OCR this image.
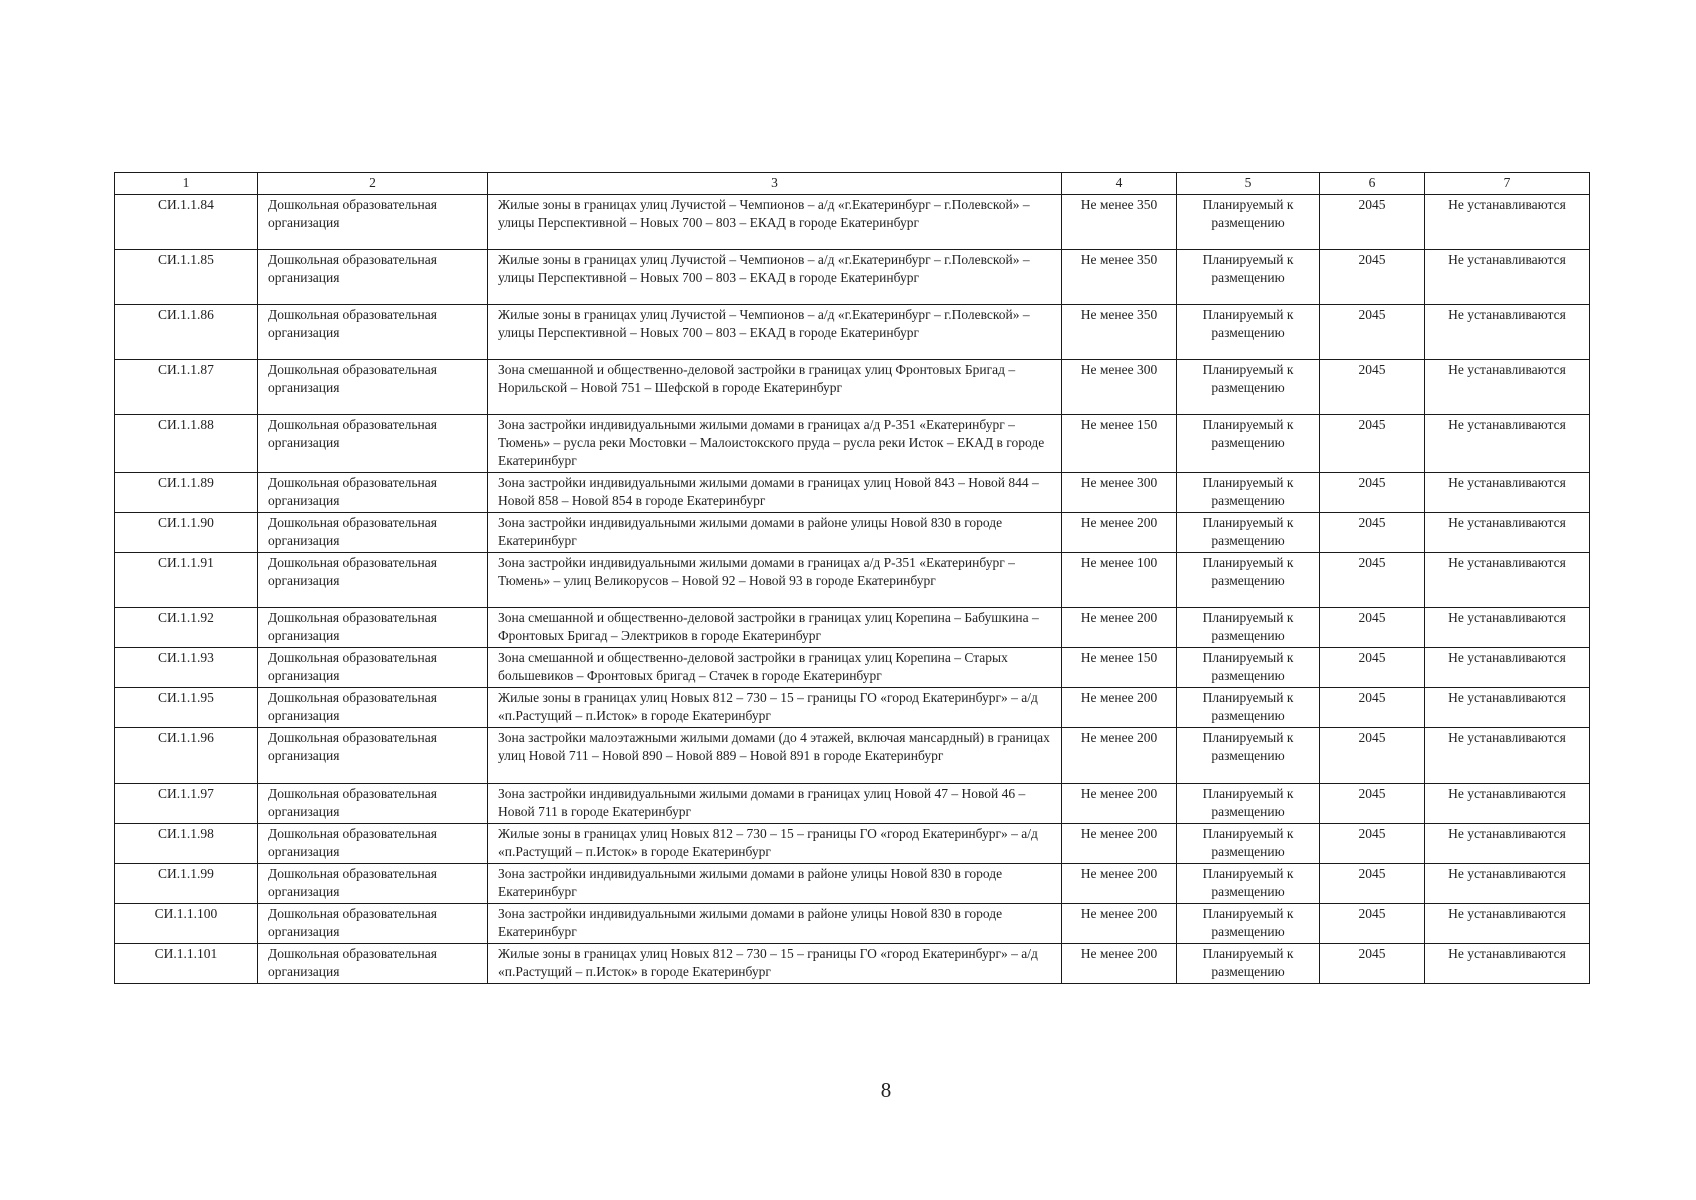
1	2	3	4	5	6	7
СИ.1.1.84	Дошкольная образовательная организация	Жилые зоны в границах улиц Лучистой – Чемпионов – а/д «г.Екатеринбург – г.Полевской» – улицы Перспективной – Новых 700 – 803 – ЕКАД в городе Екатеринбург	Не менее 350	Планируемый к размещению	2045	Не устанавливаются
СИ.1.1.85	Дошкольная образовательная организация	Жилые зоны в границах улиц Лучистой – Чемпионов – а/д «г.Екатеринбург – г.Полевской» – улицы Перспективной – Новых 700 – 803 – ЕКАД в городе Екатеринбург	Не менее 350	Планируемый к размещению	2045	Не устанавливаются
СИ.1.1.86	Дошкольная образовательная организация	Жилые зоны в границах улиц Лучистой – Чемпионов – а/д «г.Екатеринбург – г.Полевской» – улицы Перспективной – Новых 700 – 803 – ЕКАД в городе Екатеринбург	Не менее 350	Планируемый к размещению	2045	Не устанавливаются
СИ.1.1.87	Дошкольная образовательная организация	Зона смешанной и общественно-деловой застройки в границах улиц Фронтовых Бригад – Норильской – Новой 751 – Шефской в городе Екатеринбург	Не менее 300	Планируемый к размещению	2045	Не устанавливаются
СИ.1.1.88	Дошкольная образовательная организация	Зона застройки индивидуальными жилыми домами в границах а/д Р-351 «Екатеринбург – Тюмень» – русла реки Мостовки – Малоистокского пруда – русла реки Исток – ЕКАД в городе Екатеринбург	Не менее 150	Планируемый к размещению	2045	Не устанавливаются
СИ.1.1.89	Дошкольная образовательная организация	Зона застройки индивидуальными жилыми домами в границах улиц Новой 843 – Новой 844 – Новой 858 – Новой 854 в городе Екатеринбург	Не менее 300	Планируемый к размещению	2045	Не устанавливаются
СИ.1.1.90	Дошкольная образовательная организация	Зона застройки индивидуальными жилыми домами в районе улицы Новой 830 в городе Екатеринбург	Не менее 200	Планируемый к размещению	2045	Не устанавливаются
СИ.1.1.91	Дошкольная образовательная организация	Зона застройки индивидуальными жилыми домами в границах а/д Р-351 «Екатеринбург – Тюмень» – улиц Великорусов – Новой 92 – Новой 93 в городе Екатеринбург	Не менее 100	Планируемый к размещению	2045	Не устанавливаются
СИ.1.1.92	Дошкольная образовательная организация	Зона смешанной и общественно-деловой застройки в границах улиц Корепина – Бабушкина – Фронтовых Бригад – Электриков в городе Екатеринбург	Не менее 200	Планируемый к размещению	2045	Не устанавливаются
СИ.1.1.93	Дошкольная образовательная организация	Зона смешанной и общественно-деловой застройки в границах улиц Корепина – Старых большевиков – Фронтовых бригад – Стачек в городе Екатеринбург	Не менее 150	Планируемый к размещению	2045	Не устанавливаются
СИ.1.1.95	Дошкольная образовательная организация	Жилые зоны в границах улиц Новых 812 – 730 – 15 – границы ГО «город Екатеринбург» – а/д «п.Растущий – п.Исток» в городе Екатеринбург	Не менее 200	Планируемый к размещению	2045	Не устанавливаются
СИ.1.1.96	Дошкольная образовательная организация	Зона застройки малоэтажными жилыми домами (до 4 этажей, включая мансардный) в границах улиц Новой 711 – Новой 890 – Новой 889 – Новой 891 в городе Екатеринбург	Не менее 200	Планируемый к размещению	2045	Не устанавливаются
СИ.1.1.97	Дошкольная образовательная организация	Зона застройки индивидуальными жилыми домами в границах улиц Новой 47 – Новой 46 – Новой 711 в городе Екатеринбург	Не менее 200	Планируемый к размещению	2045	Не устанавливаются
СИ.1.1.98	Дошкольная образовательная организация	Жилые зоны в границах улиц Новых 812 – 730 – 15 – границы ГО «город Екатеринбург» – а/д «п.Растущий – п.Исток» в городе Екатеринбург	Не менее 200	Планируемый к размещению	2045	Не устанавливаются
СИ.1.1.99	Дошкольная образовательная организация	Зона застройки индивидуальными жилыми домами в районе улицы Новой 830 в городе Екатеринбург	Не менее 200	Планируемый к размещению	2045	Не устанавливаются
СИ.1.1.100	Дошкольная образовательная организация	Зона застройки индивидуальными жилыми домами в районе улицы Новой 830 в городе Екатеринбург	Не менее 200	Планируемый к размещению	2045	Не устанавливаются
СИ.1.1.101	Дошкольная образовательная организация	Жилые зоны в границах улиц Новых 812 – 730 – 15 – границы ГО «город Екатеринбург» – а/д «п.Растущий – п.Исток» в городе Екатеринбург	Не менее 200	Планируемый к размещению	2045	Не устанавливаются
8
